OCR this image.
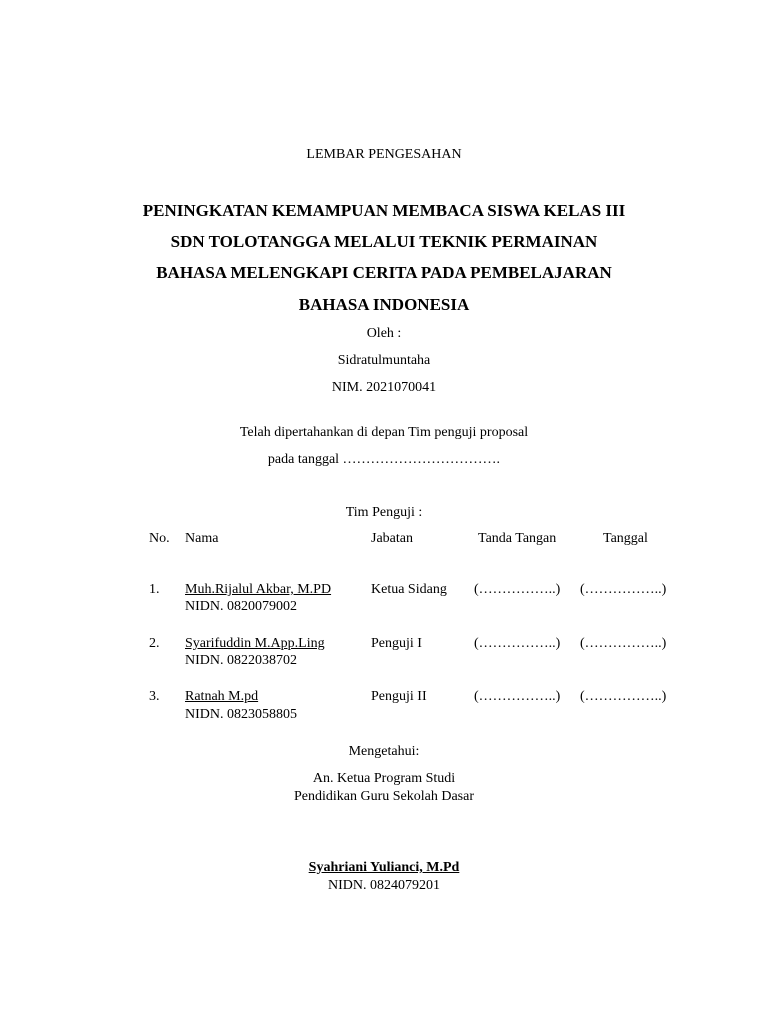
LEMBAR PENGESAHAN
PENINGKATAN KEMAMPUAN MEMBACA SISWA KELAS III
SDN TOLOTANGGA MELALUI TEKNIK PERMAINAN
BAHASA MELENGKAPI CERITA PADA PEMBELAJARAN
BAHASA INDONESIA
Oleh :
Sidratulmuntaha
NIM. 2021070041
Telah dipertahankan di depan Tim penguji proposal
pada tanggal …………………………….
Tim Penguji :
No. Nama	Jabatan	Tanda Tangan	Tanggal
1. Muh.Rijalul Akbar, M.PD
NIDN. 0820079002
Ketua Sidang (……………..) (……………..)
2. Syarifuddin M.App.Ling
NIDN. 0822038702
Penguji I	(……………..) (……………..)
3. Ratnah M.pd
NIDN. 0823058805
Penguji II	(……………..) (……………..)
Mengetahui:
An. Ketua Program Studi
Pendidikan Guru Sekolah Dasar
Syahriani Yulianci, M.Pd
NIDN. 0824079201
